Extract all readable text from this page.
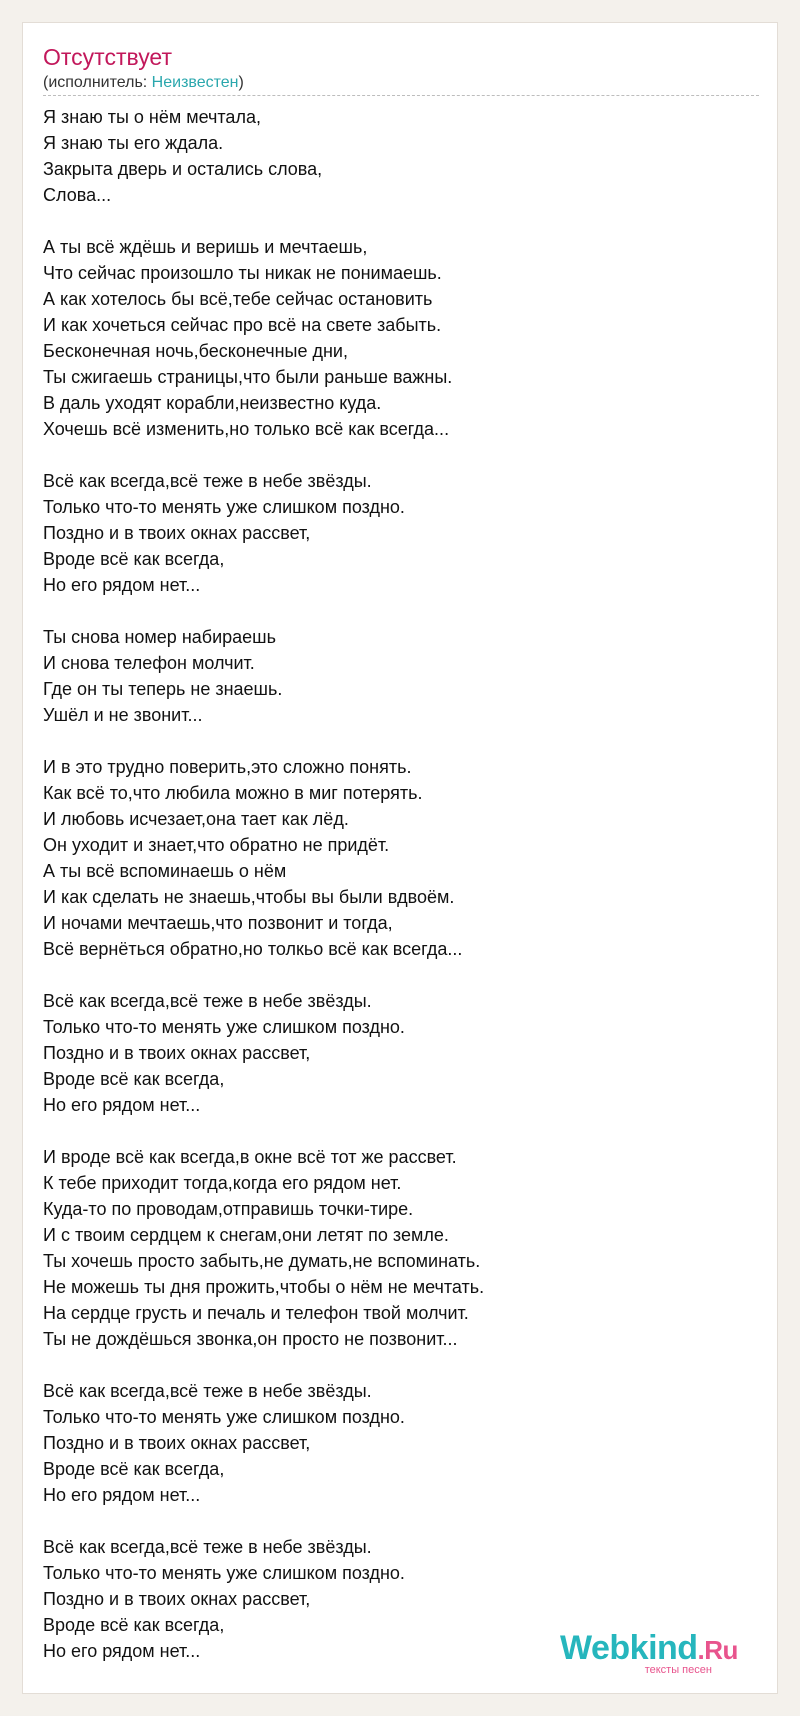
Отсутствует
(исполнитель: Неизвестен)
Я знаю ты о нём мечтала,
Я знаю ты его ждала.
Закрыта дверь и остались слова,
Слова...
А ты всё ждёшь и веришь и мечтаешь,
Что сейчас произошло ты никак не понимаешь.
А как хотелось бы всё,тебе сейчас остановить
И как хочеться сейчас про всё на свете забыть.
Бесконечная ночь,бесконечные дни,
Ты сжигаешь страницы,что были раньше важны.
В даль уходят корабли,неизвестно куда.
Хочешь всё изменить,но только всё как всегда...
Всё как всегда,всё теже в небе звёзды.
Только что-то менять уже слишком поздно.
Поздно и в твоих окнах рассвет,
Вроде всё как всегда,
Но его рядом нет...
Ты снова номер набираешь
И снова телефон молчит.
Где он ты теперь не знаешь.
Ушёл и не звонит...
И в это трудно поверить,это сложно понять.
Как всё то,что любила можно в миг потерять.
И любовь исчезает,она тает как лёд.
Он уходит и знает,что обратно не придёт.
А ты всё вспоминаешь о нём
И как сделать не знаешь,чтобы вы были вдвоём.
И ночами мечтаешь,что позвонит и тогда,
Всё вернёться обратно,но толкьо всё как всегда...
Всё как всегда,всё теже в небе звёзды.
Только что-то менять уже слишком поздно.
Поздно и в твоих окнах рассвет,
Вроде всё как всегда,
Но его рядом нет...
И вроде всё как всегда,в окне всё тот же рассвет.
К тебе приходит тогда,когда его рядом нет.
Куда-то по проводам,отправишь точки-тире.
И с твоим сердцем к снегам,они летят по земле.
Ты хочешь просто забыть,не думать,не вспоминать.
Не можешь ты дня прожить,чтобы о нём не мечтать.
На сердце грусть и печаль и телефон твой молчит.
Ты не дождёшься звонка,он просто не позвонит...
Всё как всегда,всё теже в небе звёзды.
Только что-то менять уже слишком поздно.
Поздно и в твоих окнах рассвет,
Вроде всё как всегда,
Но его рядом нет...
Всё как всегда,всё теже в небе звёзды.
Только что-то менять уже слишком поздно.
Поздно и в твоих окнах рассвет,
Вроде всё как всегда,
Но его рядом нет...	Webkind.Ru
тексты песен
